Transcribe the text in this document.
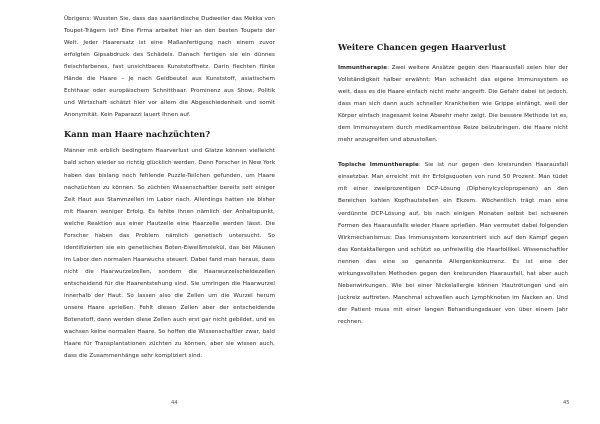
Übrigens: Wussten Sie, dass das saarländische Dudweiler das Mekka von Toupet-Trägern ist? Eine Firma arbeitet hier an den besten Toupets der Welt. Jeder Haarersatz ist eine Maßanfertigung nach einem zuvor erfolgten Gipsabdruck des Schädels. Danach fertigen sie ein dünnes fleischfarbenes, fast unsichtbares Kunststoffnetz. Darin flechten flinke Hände die Haare – je nach Geldbeutel aus Kunststoff, asiatischem Echthaar oder europäischem Schnitthaar. Prominenz aus Show, Politik und Wirtschaft schätzt hier vor allem die Abgeschiedenheit und somit Anonymität. Kein Paparazzi lauert Ihnen auf.

Kann man Haare nachzüchten?

Männer mit erblich bedingtem Haarverlust und Glatze können vielleicht bald schon wieder so richtig glücklich werden. Denn Forscher in New York haben das bislang noch fehlende Puzzle-Teilchen gefunden, um Haare nachzüchten zu können. So züchten Wissenschaftler bereits seit einiger Zeit Haut aus Stammzellen im Labor nach. Allerdings hatten sie bisher mit Haaren weniger Erfolg. Es fehlte ihnen nämlich der Anhaltspunkt, welche Reaktion aus einer Hautzelle eine Haarzelle werden lässt. Die Forscher haben das Problem nämlich genetisch untersucht. So identifizierten sie ein genetisches Boten-Eiweißmolekül, das bei Mäusen im Labor den normalen Haarwuchs steuert. Dabei fand man heraus, dass nicht die Haarwurzelzellen, sondern die Haarwurzelscheidezellen entscheidend für die Haarentstehung sind. Sie umringen die Haarwurzel innerhalb der Haut. So lassen also die Zellen um die Wurzel herum unsere Haare sprießen. Fehlt diesen Zellen aber der entscheidende Botenstoff, dann werden diese Zellen auch erst gar nicht gebildet, und es wachsen keine normalen Haare. So hoffen die Wissenschaftler zwar, bald Haare für Transplantationen züchten zu können, aber sie wissen auch, dass die Zusammenhänge sehr kompliziert sind.

44
Weitere Chancen gegen Haarverlust

Immuntherapie: Zwei weitere Ansätze gegen den Haarausfall seien hier der Vollständigkeit halber erwähnt: Man schwächt das eigene Immunsystem so weit, dass es die Haare einfach nicht mehr angreift. Die Gefahr dabei ist jedoch, dass man sich dann auch schneller Krankheiten wie Grippe einfängt, weil der Körper einfach insgesamt keine Abwehr mehr zeigt. Die bessere Methode ist es, dem Immunsystem durch medikamentöse Reize beizubringen, die Haare nicht mehr anzugreifen und abzustoßen.

Topische Immuntherapie: Sie ist nur gegen den kreisrunden Haarausfall einsetzbar. Man erreicht mit ihr Erfolgsquoten von rund 50 Prozent. Man tüdet mit einer zweiprozentigen DCP-Lösung (Diphenylcyclopropenon) an den Bereichen kahlen Kopfhautstellen ein Ekzem. Wöchentlich trägt man eine verdünnte DCP-Lösung auf, bis nach einigen Monaten selbst bei schweren Formen des Haarausfalls wieder Haare sprießen. Man vermutet dabei folgenden Wirkmechanismus: Das Immunsystem konzentriert sich auf den Kampf gegen das Kontaktallergen und schützt so unfreiwillig die Haarfollikel. Wissenschaftler nennen das eine so genannte Allergenkonkurrenz. Es ist eine der wirkungsvollsten Methoden gegen den kreisrunden Haarausfall, hat aber auch Nebenwirkungen. Wie bei einer Nickelallergie können Hautrötungen und ein Juckreiz auftreten. Manchmal schwellen auch Lymphknoten im Nacken an. Und der Patient muss mit einer langen Behandlungsdauer von über einem Jahr rechnen.

45
